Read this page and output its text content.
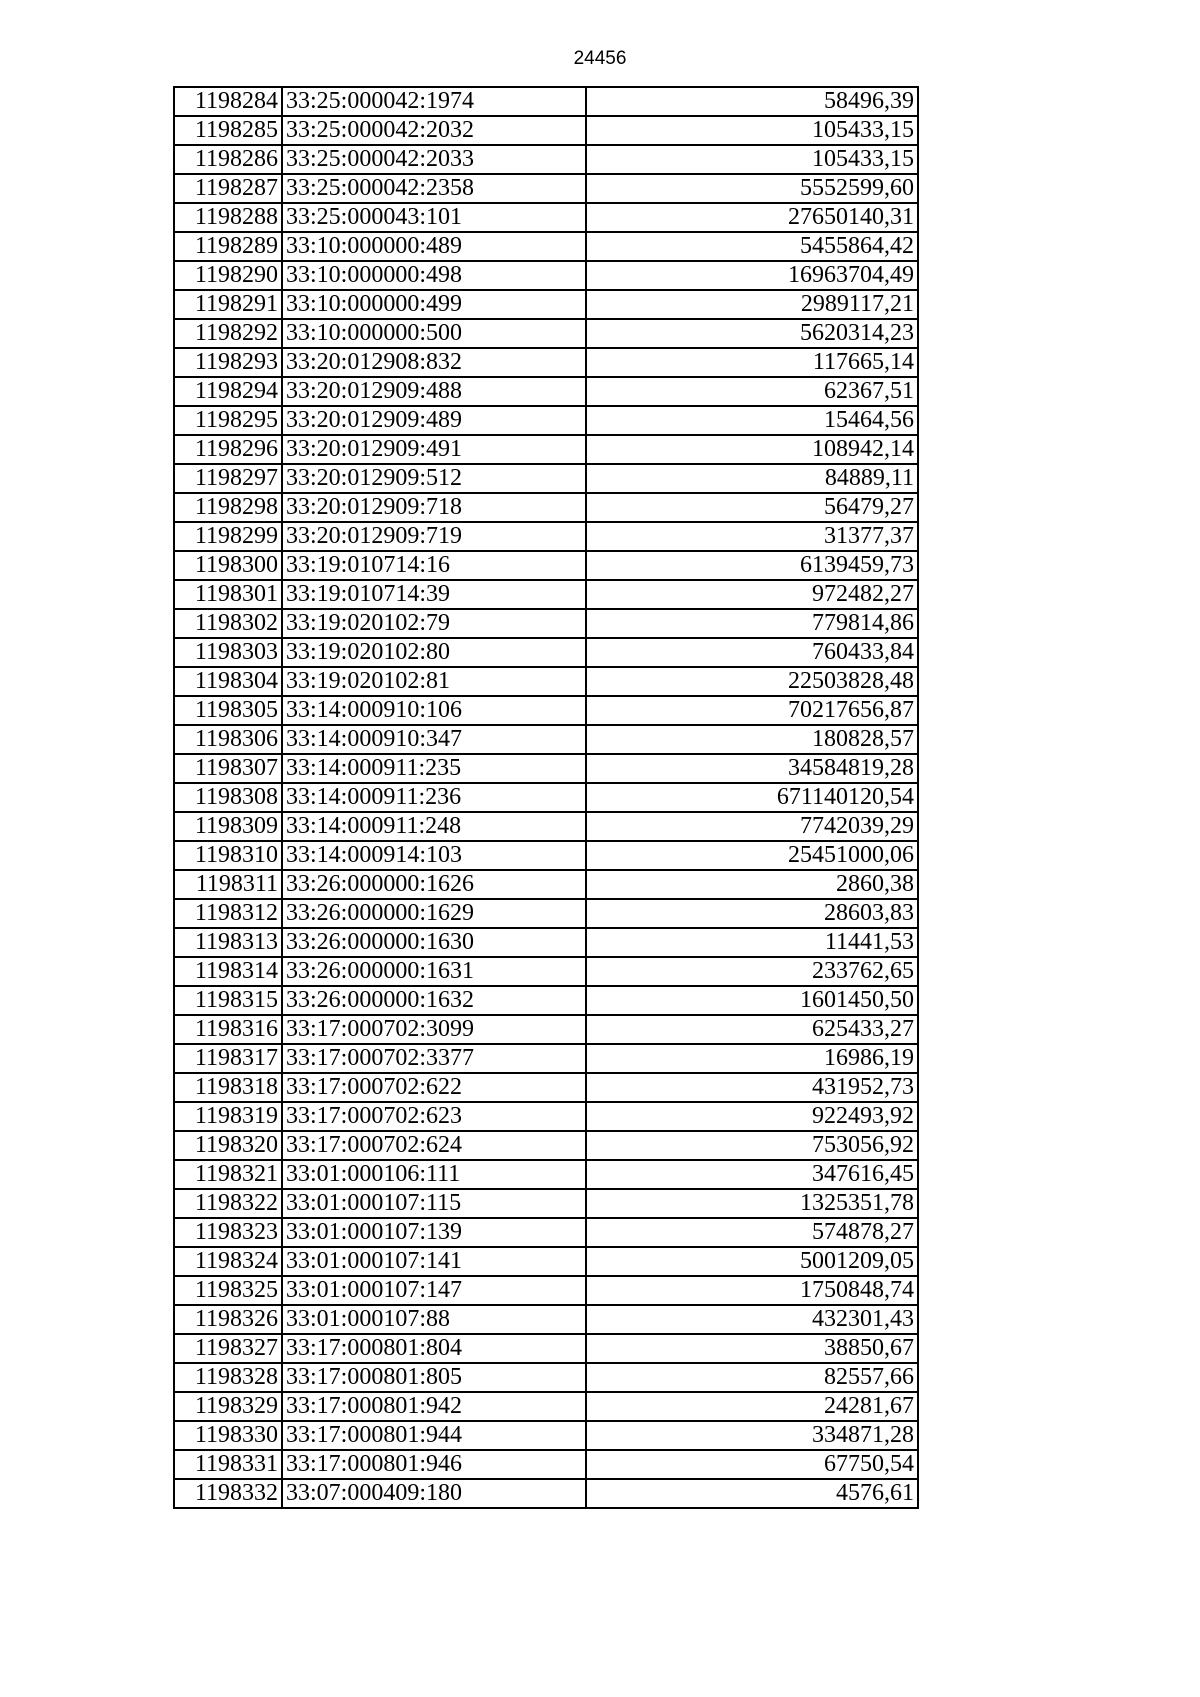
24456
1198284	33:25:000042:1974	58496,39
1198285	33:25:000042:2032	105433,15
1198286	33:25:000042:2033	105433,15
1198287	33:25:000042:2358	5552599,60
1198288	33:25:000043:101	27650140,31
1198289	33:10:000000:489	5455864,42
1198290	33:10:000000:498	16963704,49
1198291	33:10:000000:499	2989117,21
1198292	33:10:000000:500	5620314,23
1198293	33:20:012908:832	117665,14
1198294	33:20:012909:488	62367,51
1198295	33:20:012909:489	15464,56
1198296	33:20:012909:491	108942,14
1198297	33:20:012909:512	84889,11
1198298	33:20:012909:718	56479,27
1198299	33:20:012909:719	31377,37
1198300	33:19:010714:16	6139459,73
1198301	33:19:010714:39	972482,27
1198302	33:19:020102:79	779814,86
1198303	33:19:020102:80	760433,84
1198304	33:19:020102:81	22503828,48
1198305	33:14:000910:106	70217656,87
1198306	33:14:000910:347	180828,57
1198307	33:14:000911:235	34584819,28
1198308	33:14:000911:236	671140120,54
1198309	33:14:000911:248	7742039,29
1198310	33:14:000914:103	25451000,06
1198311	33:26:000000:1626	2860,38
1198312	33:26:000000:1629	28603,83
1198313	33:26:000000:1630	11441,53
1198314	33:26:000000:1631	233762,65
1198315	33:26:000000:1632	1601450,50
1198316	33:17:000702:3099	625433,27
1198317	33:17:000702:3377	16986,19
1198318	33:17:000702:622	431952,73
1198319	33:17:000702:623	922493,92
1198320	33:17:000702:624	753056,92
1198321	33:01:000106:111	347616,45
1198322	33:01:000107:115	1325351,78
1198323	33:01:000107:139	574878,27
1198324	33:01:000107:141	5001209,05
1198325	33:01:000107:147	1750848,74
1198326	33:01:000107:88	432301,43
1198327	33:17:000801:804	38850,67
1198328	33:17:000801:805	82557,66
1198329	33:17:000801:942	24281,67
1198330	33:17:000801:944	334871,28
1198331	33:17:000801:946	67750,54
1198332	33:07:000409:180	4576,61
